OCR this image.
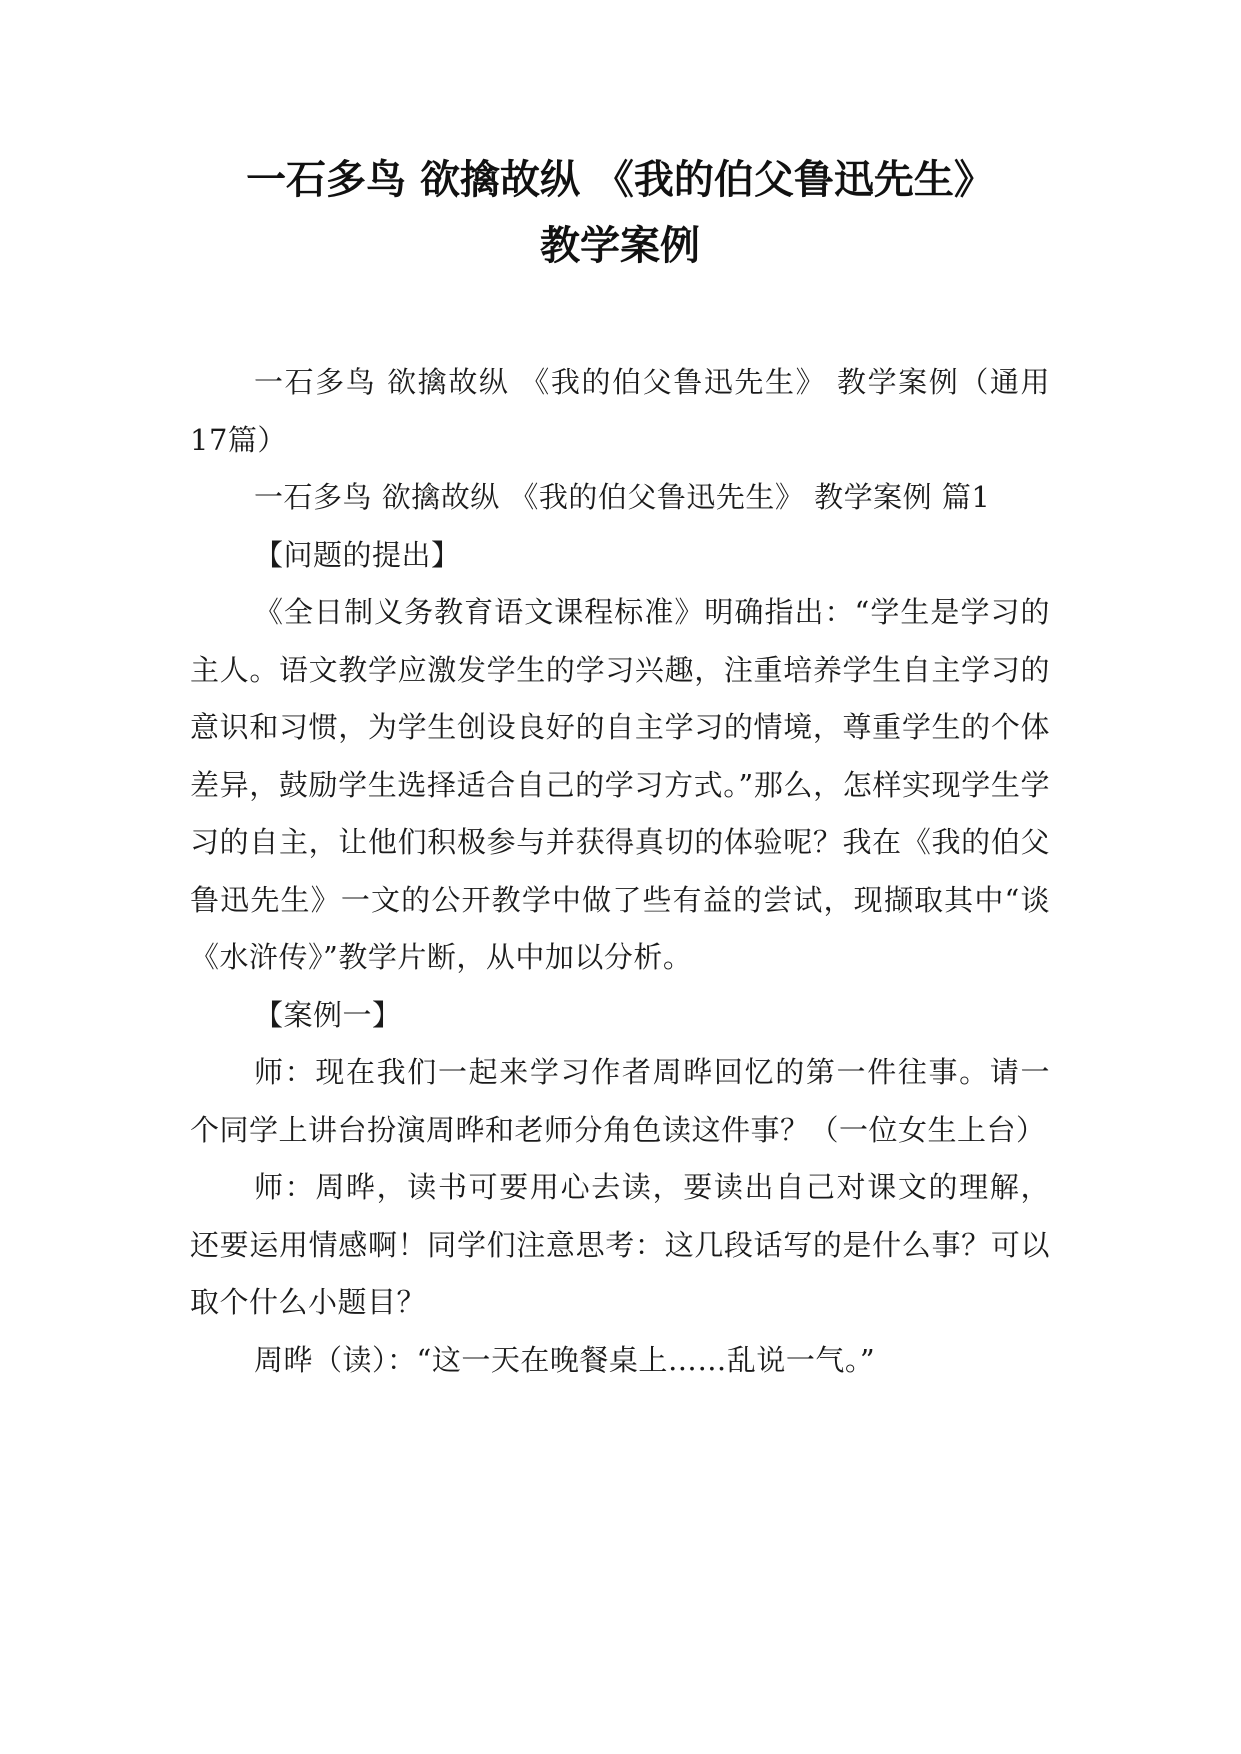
一石多鸟 欲擒故纵 《我的伯父鲁迅先生》
教学案例

一石多鸟 欲擒故纵 《我的伯父鲁迅先生》 教学案例（通用17篇）

一石多鸟 欲擒故纵 《我的伯父鲁迅先生》 教学案例 篇1

【问题的提出】

《全日制义务教育语文课程标准》明确指出：“学生是学习的主人。语文教学应激发学生的学习兴趣，注重培养学生自主学习的意识和习惯，为学生创设良好的自主学习的情境，尊重学生的个体差异，鼓励学生选择适合自己的学习方式。”那么，怎样实现学生学习的自主，让他们积极参与并获得真切的体验呢？我在《我的伯父鲁迅先生》一文的公开教学中做了些有益的尝试，现撷取其中“谈《水浒传》”教学片断，从中加以分析。

【案例一】

师：现在我们一起来学习作者周晔回忆的第一件往事。请一个同学上讲台扮演周晔和老师分角色读这件事？（一位女生上台）

师：周晔，读书可要用心去读，要读出自己对课文的理解，还要运用情感啊！同学们注意思考：这几段话写的是什么事？可以取个什么小题目？

周晔（读）：“这一天在晚餐桌上……乱说一气。”
